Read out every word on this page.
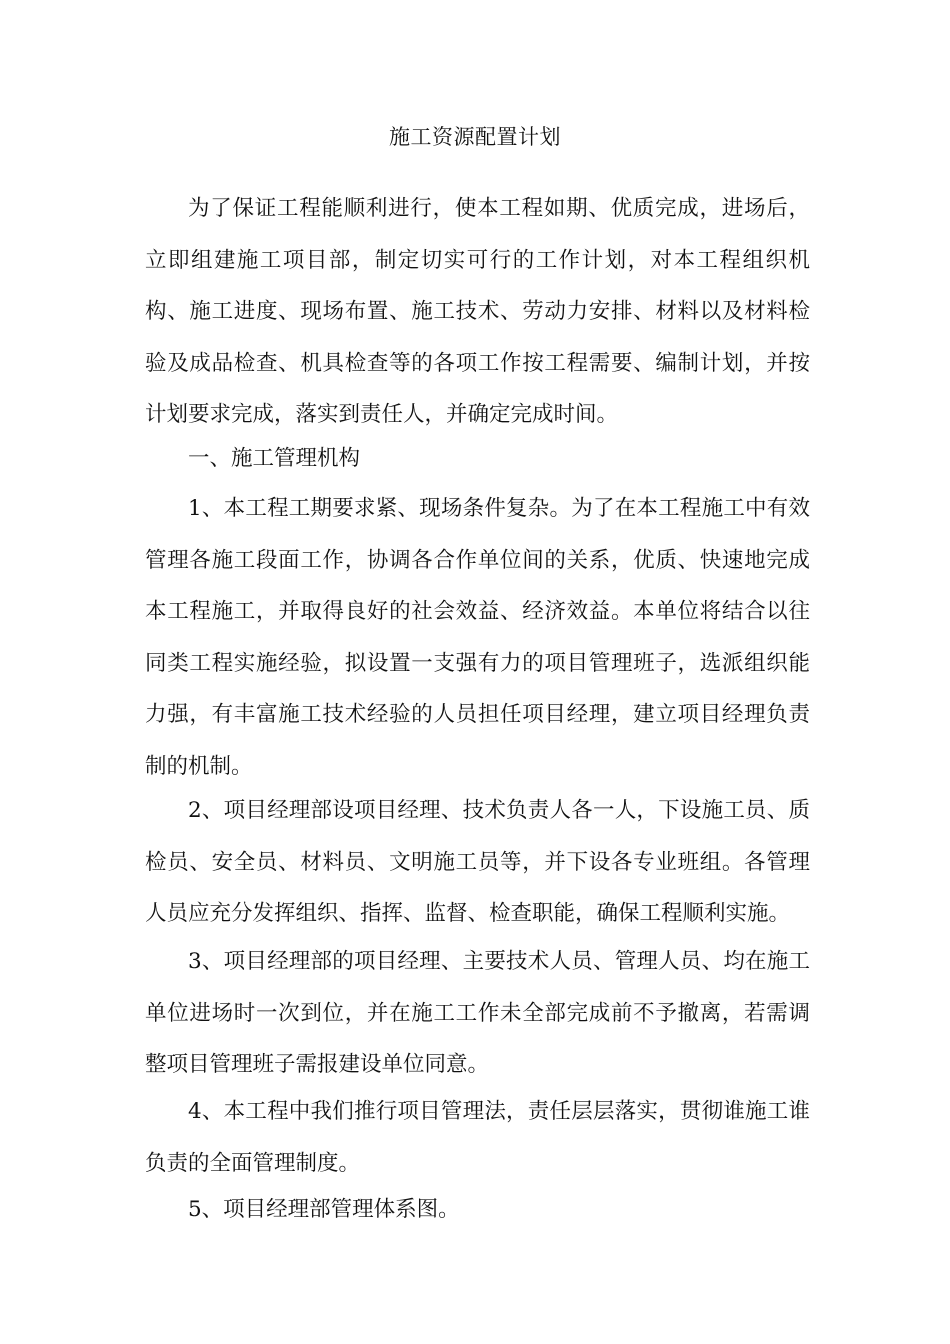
施工资源配置计划

为了保证工程能顺利进行，使本工程如期、优质完成，进场后，立即组建施工项目部，制定切实可行的工作计划，对本工程组织机构、施工进度、现场布置、施工技术、劳动力安排、材料以及材料检验及成品检查、机具检查等的各项工作按工程需要、编制计划，并按计划要求完成，落实到责任人，并确定完成时间。

一、施工管理机构

1、本工程工期要求紧、现场条件复杂。为了在本工程施工中有效管理各施工段面工作，协调各合作单位间的关系，优质、快速地完成本工程施工，并取得良好的社会效益、经济效益。本单位将结合以往同类工程实施经验，拟设置一支强有力的项目管理班子，选派组织能力强，有丰富施工技术经验的人员担任项目经理，建立项目经理负责制的机制。

2、项目经理部设项目经理、技术负责人各一人，下设施工员、质检员、安全员、材料员、文明施工员等，并下设各专业班组。各管理人员应充分发挥组织、指挥、监督、检查职能，确保工程顺利实施。

3、项目经理部的项目经理、主要技术人员、管理人员、均在施工单位进场时一次到位，并在施工工作未全部完成前不予撤离，若需调整项目管理班子需报建设单位同意。

4、本工程中我们推行项目管理法，责任层层落实，贯彻谁施工谁负责的全面管理制度。

5、项目经理部管理体系图。
